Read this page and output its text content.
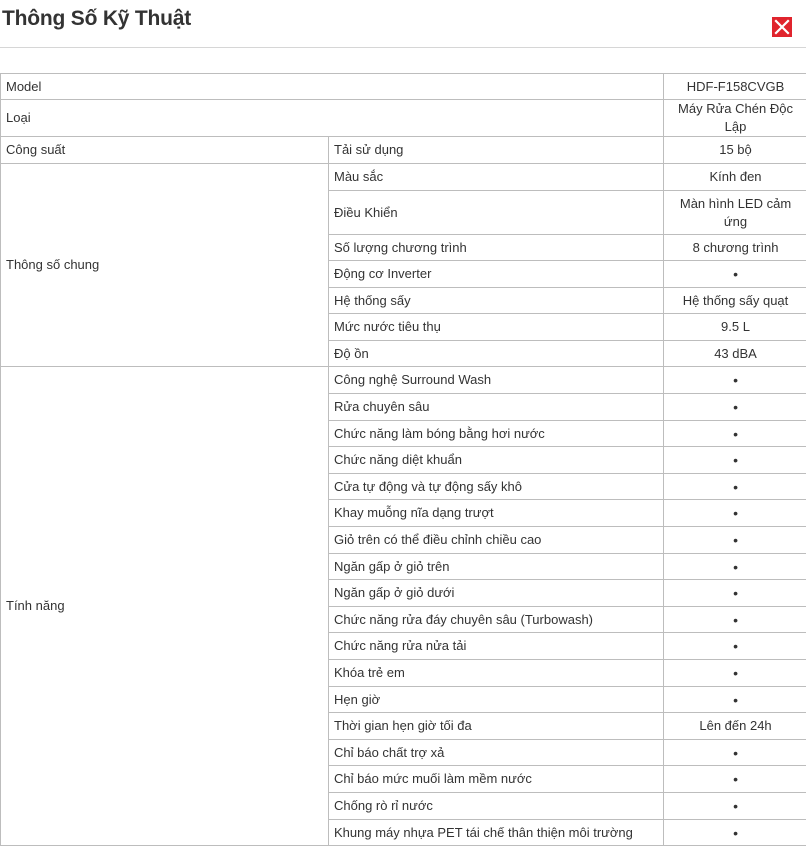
Thông Số Kỹ Thuật
Model		HDF-F158CVGB
Loại		Máy Rửa Chén Độc Lập
Công suất	Tải sử dụng	15 bộ
Thông số chung	Màu sắc	Kính đen
	Điều Khiển	Màn hình LED cảm ứng
	Số lượng chương trình	8 chương trình
	Động cơ Inverter	•
	Hệ thống sấy	Hệ thống sấy quạt
	Mức nước tiêu thụ	9.5 L
	Độ ồn	43 dBA
Tính năng	Công nghệ Surround Wash	•
	Rửa chuyên sâu	•
	Chức năng làm bóng bằng hơi nước	•
	Chức năng diệt khuẩn	•
	Cửa tự động và tự động sấy khô	•
	Khay muỗng nĩa dạng trượt	•
	Giỏ trên có thể điều chỉnh chiều cao	•
	Ngăn gấp ở giỏ trên	•
	Ngăn gấp ở giỏ dưới	•
	Chức năng rửa đáy chuyên sâu (Turbowash)	•
	Chức năng rửa nửa tải	•
	Khóa trẻ em	•
	Hẹn giờ	•
	Thời gian hẹn giờ tối đa	Lên đến 24h
	Chỉ báo chất trợ xả	•
	Chỉ báo mức muối làm mềm nước	•
	Chống rò rỉ nước	•
	Khung máy nhựa PET tái chế thân thiện môi trường	•
